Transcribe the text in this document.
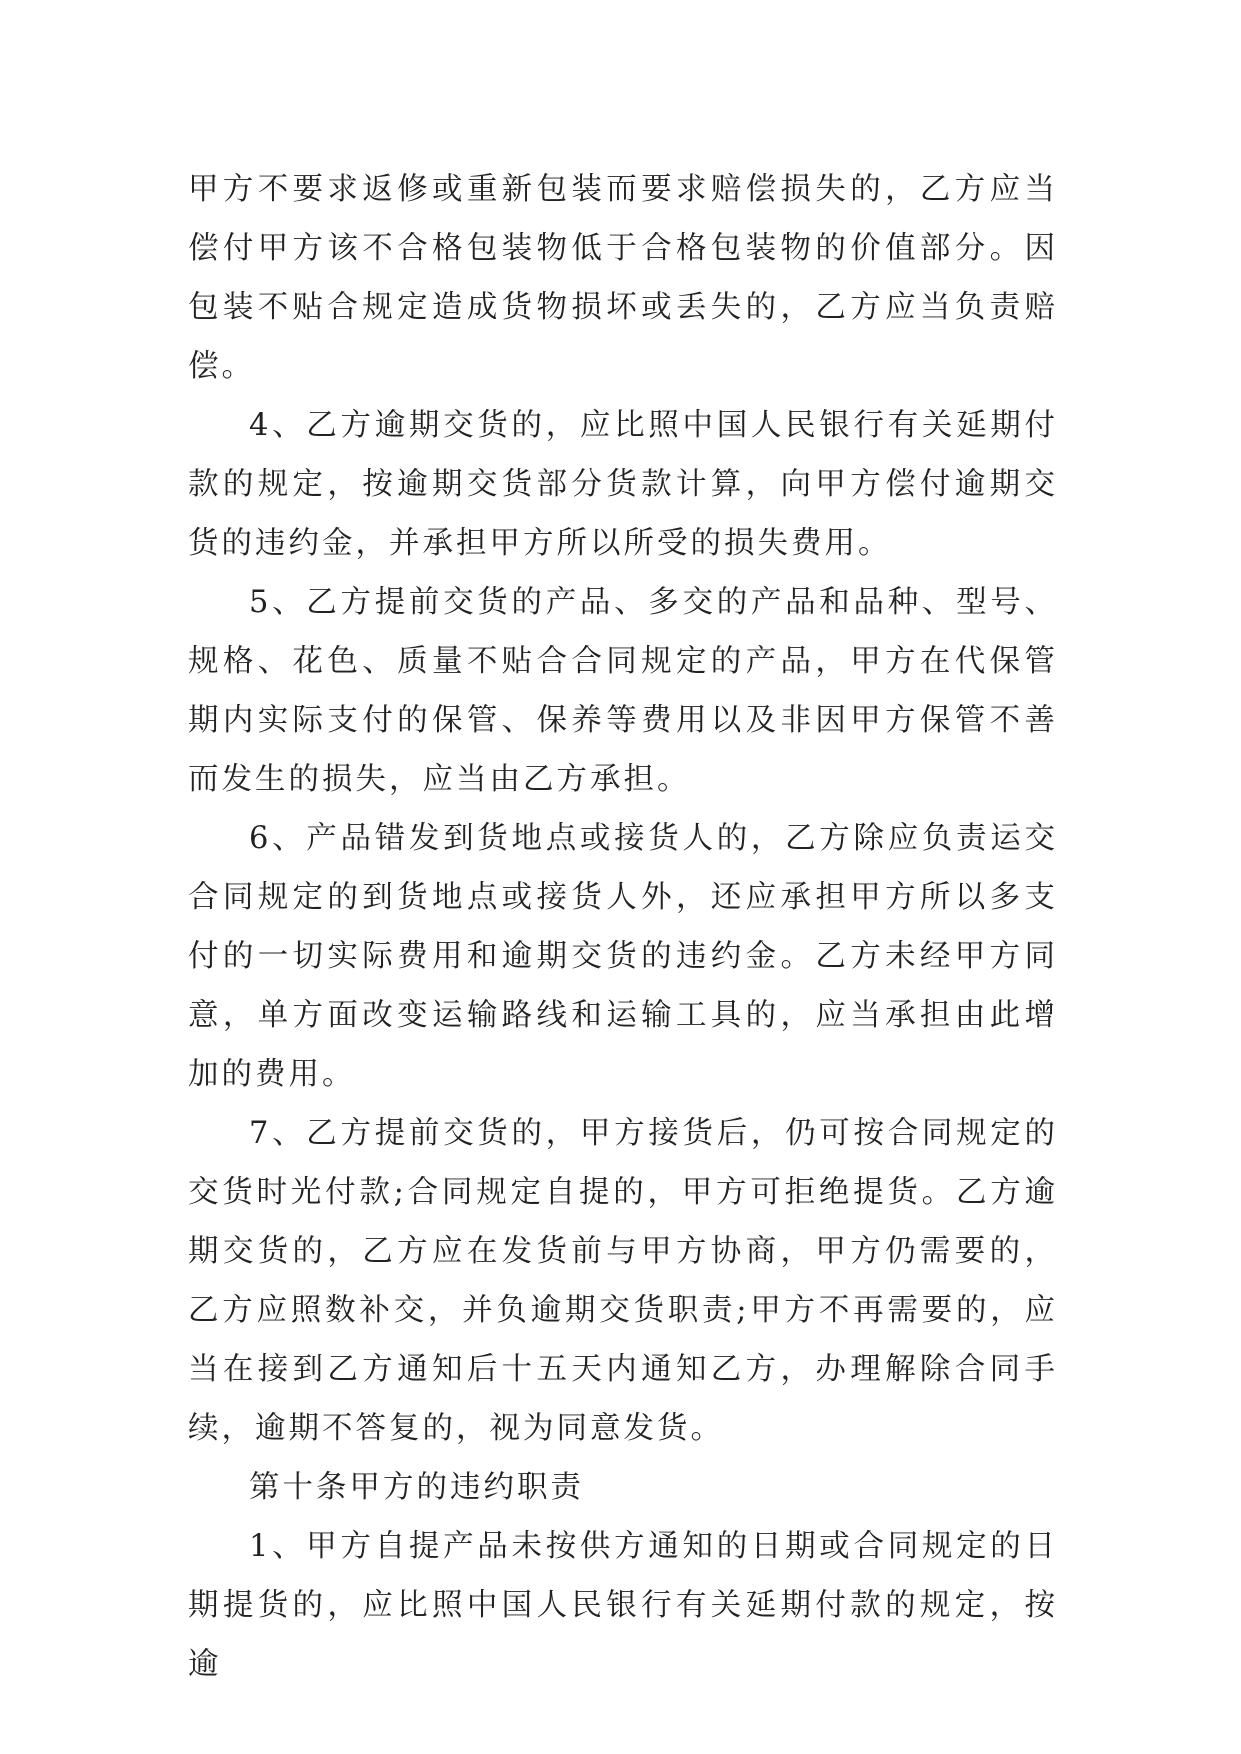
甲方不要求返修或重新包装而要求赔偿损失的，乙方应当偿付甲方该不合格包装物低于合格包装物的价值部分。因包装不贴合规定造成货物损坏或丢失的，乙方应当负责赔偿。

4、乙方逾期交货的，应比照中国人民银行有关延期付款的规定，按逾期交货部分货款计算，向甲方偿付逾期交货的违约金，并承担甲方所以所受的损失费用。

5、乙方提前交货的产品、多交的产品和品种、型号、规格、花色、质量不贴合合同规定的产品，甲方在代保管期内实际支付的保管、保养等费用以及非因甲方保管不善而发生的损失，应当由乙方承担。

6、产品错发到货地点或接货人的，乙方除应负责运交合同规定的到货地点或接货人外，还应承担甲方所以多支付的一切实际费用和逾期交货的违约金。乙方未经甲方同意，单方面改变运输路线和运输工具的，应当承担由此增加的费用。

7、乙方提前交货的，甲方接货后，仍可按合同规定的交货时光付款;合同规定自提的，甲方可拒绝提货。乙方逾期交货的，乙方应在发货前与甲方协商，甲方仍需要的，乙方应照数补交，并负逾期交货职责;甲方不再需要的，应当在接到乙方通知后十五天内通知乙方，办理解除合同手续，逾期不答复的，视为同意发货。

第十条甲方的违约职责

1、甲方自提产品未按供方通知的日期或合同规定的日期提货的，应比照中国人民银行有关延期付款的规定，按逾
